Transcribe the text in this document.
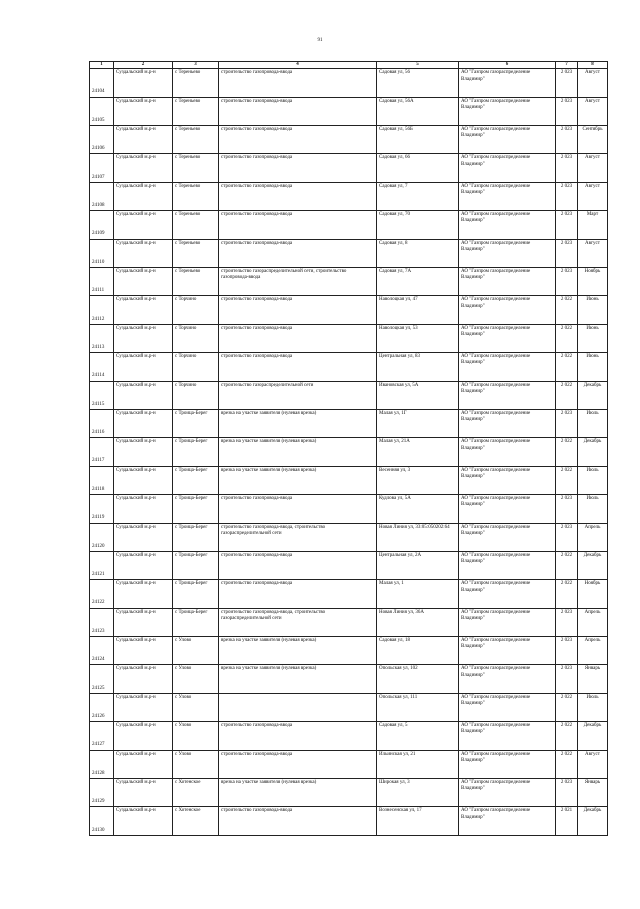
91
1	2	3	4	5	6	7	8
24104	Суздальский м.р-н	с Тереньево	строительство газопровода-ввода	Садовая ул, 56	АО "Газпром газораспределение Владимир"	2 023	Август
24105	Суздальский м.р-н	с Тереньево	строительство газопровода-ввода	Садовая ул, 56А	АО "Газпром газораспределение Владимир"	2 023	Август
24106	Суздальский м.р-н	с Тереньево	строительство газопровода-ввода	Садовая ул, 56Б	АО "Газпром газораспределение Владимир"	2 023	Сентябрь
24107	Суздальский м.р-н	с Тереньево	строительство газопровода-ввода	Садовая ул, 66	АО "Газпром газораспределение Владимир"	2 023	Август
24108	Суздальский м.р-н	с Тереньево	строительство газопровода-ввода	Садовая ул, 7	АО "Газпром газораспределение Владимир"	2 023	Август
24109	Суздальский м.р-н	с Тереньево	строительство газопровода-ввода	Садовая ул, 70	АО "Газпром газораспределение Владимир"	2 023	Март
24110	Суздальский м.р-н	с Тереньево	строительство газопровода-ввода	Садовая ул, 8	АО "Газпром газораспределение Владимир"	2 023	Август
24111	Суздальский м.р-н	с Тереньево	строительство газораспределительной сети, строительство газопровода-ввода	Садовая ул, 7А	АО "Газпром газораспределение Владимир"	2 023	Ноябрь
24112	Суздальский м.р-н	с Торчино	строительство газопровода-ввода	Наволоцкая ул, 47	АО "Газпром газораспределение Владимир"	2 022	Июнь
24113	Суздальский м.р-н	с Торчино	строительство газопровода-ввода	Наволоцкая ул, 53	АО "Газпром газораспределение Владимир"	2 022	Июнь
24114	Суздальский м.р-н	с Торчино	строительство газопровода-ввода	Центральная ул, 83	АО "Газпром газораспределение Владимир"	2 022	Июнь
24115	Суздальский м.р-н	с Торчино	строительство газораспределительной сети	Ивановская ул, 5А	АО "Газпром газораспределение Владимир"	2 022	Декабрь
24116	Суздальский м.р-н	с Троица-Берег	врезка на участке заявителя (нулевая врезка)	Малая ул, 1Г	АО "Газпром газораспределение Владимир"	2 023	Июль
24117	Суздальский м.р-н	с Троица-Берег	врезка на участке заявителя (нулевая врезка)	Малая ул, 21А	АО "Газпром газораспределение Владимир"	2 022	Декабрь
24118	Суздальский м.р-н	с Троица-Берег	врезка на участке заявителя (нулевая врезка)	Весенняя ул, 3	АО "Газпром газораспределение Владимир"	2 022	Июль
24119	Суздальский м.р-н	с Троица-Берег	строительство газопровода-ввода	Кудлова ул, 5А	АО "Газпром газораспределение Владимир"	2 023	Июль
24120	Суздальский м.р-н	с Троица-Берег	строительство газопровода-ввода, строительство газораспределительной сети	Новая Линия ул, 33:05:050202:64	АО "Газпром газораспределение Владимир"	2 023	Апрель
24121	Суздальский м.р-н	с Троица-Берег	строительство газопровода-ввода	Центральная ул, 2А	АО "Газпром газораспределение Владимир"	2 022	Декабрь
24122	Суздальский м.р-н	с Троица-Берег	строительство газопровода-ввода	Малая ул, 1	АО "Газпром газораспределение Владимир"	2 022	Ноябрь
24123	Суздальский м.р-н	с Троица-Берег	строительство газопровода-ввода, строительство газораспределительной сети	Новая Линия ул, 36А	АО "Газпром газораспределение Владимир"	2 023	Апрель
24124	Суздальский м.р-н	с Улово	врезка на участке заявителя (нулевая врезка)	Садовая ул, 18	АО "Газпром газораспределение Владимир"	2 023	Апрель
24125	Суздальский м.р-н	с Улово	врезка на участке заявителя (нулевая врезка)	Опольская ул, 102	АО "Газпром газораспределение Владимир"	2 023	Январь
24126	Суздальский м.р-н	с Улово		Опольская ул, 111	АО "Газпром газораспределение Владимир"	2 022	Июль
24127	Суздальский м.р-н	с Улово	строительство газопровода-ввода	Садовая ул, 5	АО "Газпром газораспределение Владимир"	2 022	Декабрь
24128	Суздальский м.р-н	с Улово	строительство газопровода-ввода	Ильинская ул, 21	АО "Газпром газораспределение Владимир"	2 022	Август
24129	Суздальский м.р-н	с Хотенское	врезка на участке заявителя (нулевая врезка)	Широкая ул, 3	АО "Газпром газораспределение Владимир"	2 023	Январь
24130	Суздальский м.р-н	с Хотенское	строительство газопровода-ввода	Вознесенская ул, 17	АО "Газпром газораспределение Владимир"	2 021	Декабрь
